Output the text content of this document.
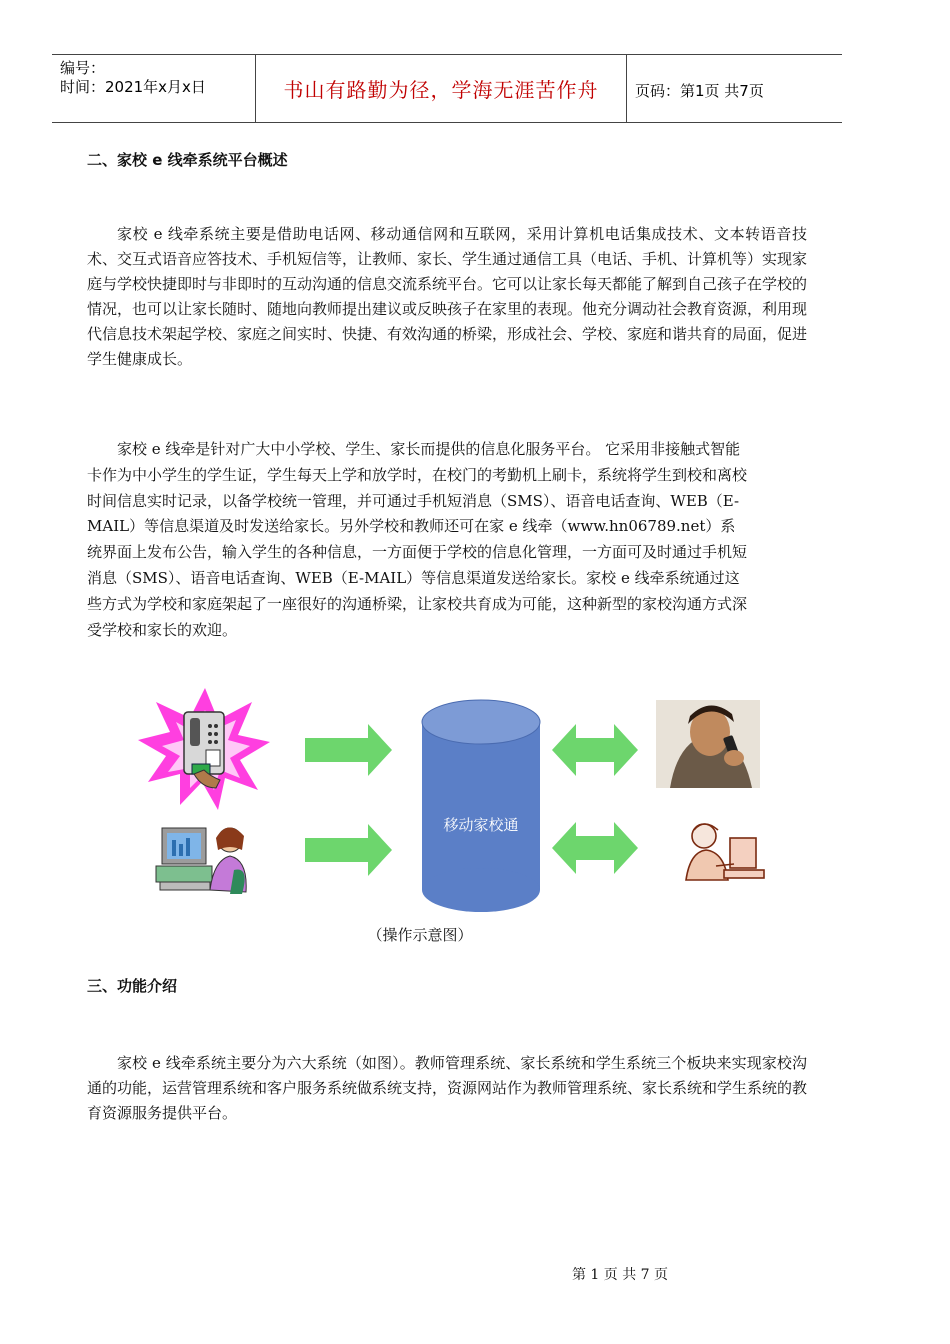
编号：
时间：2021年x月x日	书山有路勤为径，学海无涯苦作舟	页码：第1页 共7页
二、家校 e 线牵系统平台概述

家校 e 线牵系统主要是借助电话网、移动通信网和互联网，采用计算机电话集成技术、文本转语音技术、交互式语音应答技术、手机短信等，让教师、家长、学生通过通信工具（电话、手机、计算机等）实现家庭与学校快捷即时与非即时的互动沟通的信息交流系统平台。它可以让家长每天都能了解到自己孩子在学校的情况，也可以让家长随时、随地向教师提出建议或反映孩子在家里的表现。他充分调动社会教育资源，利用现代信息技术架起学校、家庭之间实时、快捷、有效沟通的桥梁，形成社会、学校、家庭和谐共育的局面，促进学生健康成长。

家校 e 线牵是针对广大中小学校、学生、家长而提供的信息化服务平台。 它采用非接触式智能卡作为中小学生的学生证，学生每天上学和放学时，在校门的考勤机上刷卡，系统将学生到校和离校时间信息实时记录，以备学校统一管理，并可通过手机短消息（SMS）、语音电话查询、WEB（E-MAIL）等信息渠道及时发送给家长。另外学校和教师还可在家 e 线牵（www.hn06789.net）系统界面上发布公告，输入学生的各种信息，一方面便于学校的信息化管理，一方面可及时通过手机短消息（SMS）、语音电话查询、WEB（E-MAIL）等信息渠道发送给家长。家校 e 线牵系统通过这些方式为学校和家庭架起了一座很好的沟通桥梁，让家校共育成为可能，这种新型的家校沟通方式深受学校和家长的欢迎。

移动家校通
（操作示意图）
三、功能介绍

家校 e 线牵系统主要分为六大系统（如图）。教师管理系统、家长系统和学生系统三个板块来实现家校沟通的功能，运营管理系统和客户服务系统做系统支持，资源网站作为教师管理系统、家长系统和学生系统的教育资源服务提供平台。

第 1 页 共 7 页
